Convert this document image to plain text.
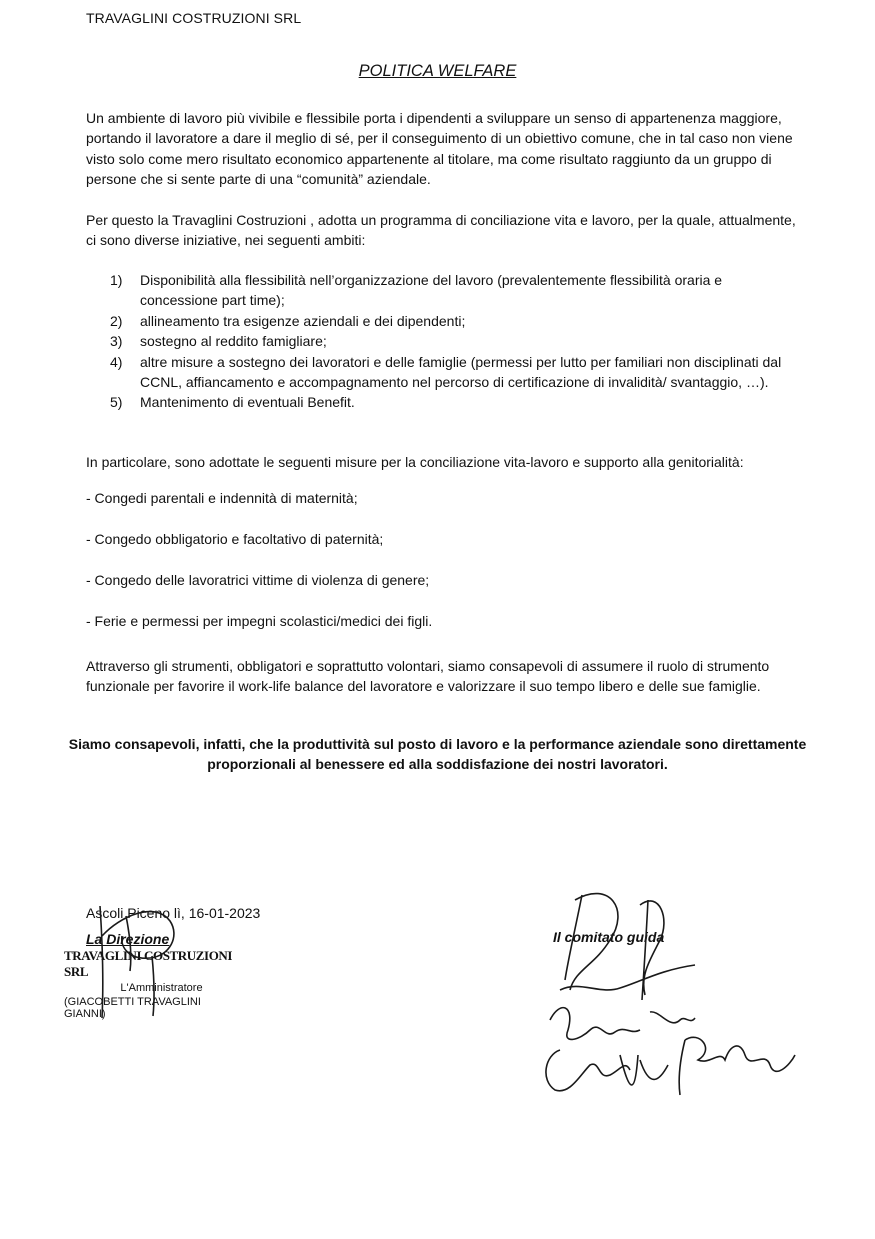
TRAVAGLINI COSTRUZIONI SRL
POLITICA WELFARE
Un ambiente di lavoro più vivibile e flessibile porta i dipendenti a sviluppare un senso di appartenenza maggiore, portando il lavoratore a dare il meglio di sé, per il conseguimento di un obiettivo comune, che in tal caso non viene visto solo come mero risultato economico appartenente al titolare, ma come risultato raggiunto da un gruppo di persone che si sente parte di una “comunità” aziendale.
Per questo la Travaglini Costruzioni , adotta un programma di conciliazione vita e lavoro, per la quale, attualmente, ci sono diverse iniziative, nei seguenti ambiti:
1) Disponibilità alla flessibilità nell’organizzazione del lavoro (prevalentemente flessibilità oraria e concessione part time);
2) allineamento tra esigenze aziendali e dei dipendenti;
3) sostegno al reddito famigliare;
4) altre misure a sostegno dei lavoratori e delle famiglie (permessi per lutto per familiari non disciplinati dal CCNL, affiancamento e accompagnamento nel percorso di certificazione di invalidità/ svantaggio, …).
5) Mantenimento di eventuali Benefit.
In particolare, sono adottate le seguenti misure per la conciliazione vita-lavoro e supporto alla genitorialità:
- Congedi parentali e indennità di maternità;
- Congedo obbligatorio e facoltativo di paternità;
- Congedo delle lavoratrici vittime di violenza di genere;
- Ferie e permessi per impegni scolastici/medici dei figli.
Attraverso gli strumenti, obbligatori e soprattutto volontari, siamo consapevoli di assumere il ruolo di strumento funzionale per favorire il work-life balance del lavoratore e valorizzare il suo tempo libero e delle sue famiglie.
Siamo consapevoli, infatti, che la produttività sul posto di lavoro e la performance aziendale sono direttamente proporzionali al benessere ed alla soddisfazione dei nostri lavoratori.
Ascoli Piceno lì, 16-01-2023
La Direzione
TRAVAGLINI COSTRUZIONI SRL
L'Amministratore
(GIACOBETTI TRAVAGLINI GIANNI)
Il comitato guida
